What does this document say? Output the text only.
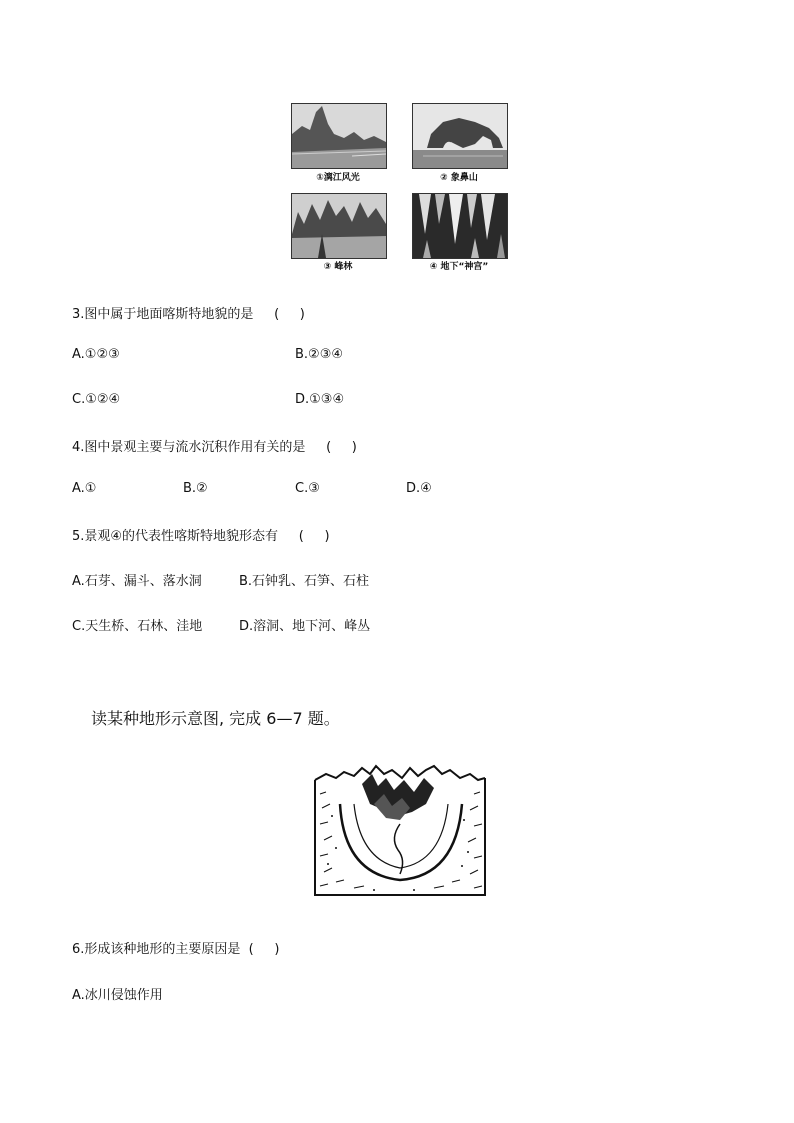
①漓江风光	② 象鼻山
③ 峰林	④ 地下“神宫”
3.图中属于地面喀斯特地貌的是     (     )
A.①②③	B.②③④
C.①②④	D.①③④
4.图中景观主要与流水沉积作用有关的是     (     )
A.①	B.②	C.③	D.④
5.景观④的代表性喀斯特地貌形态有     (     )
A.石芽、漏斗、落水洞	B.石钟乳、石笋、石柱
C.天生桥、石林、洼地	D.溶洞、地下河、峰丛
读某种地形示意图, 完成 6—7 题。
6.形成该种地形的主要原因是  (     )
A.冰川侵蚀作用
